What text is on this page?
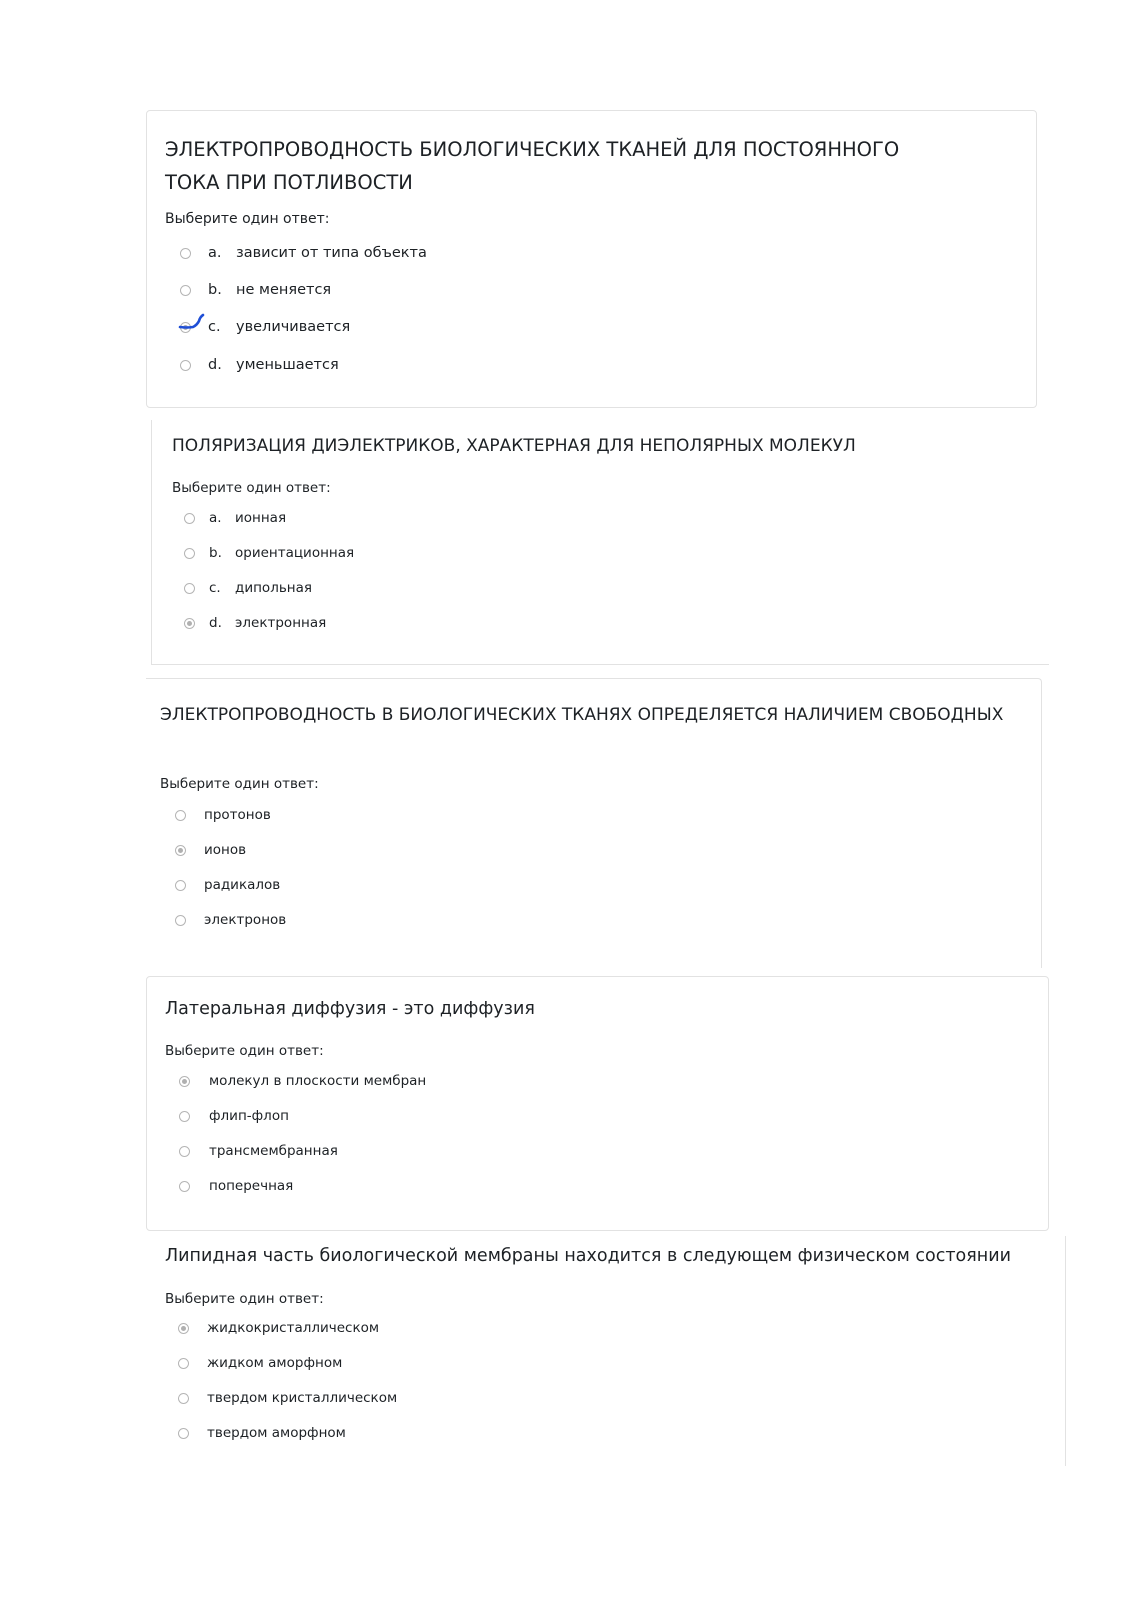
ЭЛЕКТРОПРОВОДНОСТЬ БИОЛОГИЧЕСКИХ ТКАНЕЙ ДЛЯ ПОСТОЯННОГО ТОКА ПРИ ПОТЛИВОСТИ
Выберите один ответ:
a. зависит от типа объекта
b. не меняется
c. увеличивается
d. уменьшается
ПОЛЯРИЗАЦИЯ ДИЭЛЕКТРИКОВ, ХАРАКТЕРНАЯ ДЛЯ НЕПОЛЯРНЫХ МОЛЕКУЛ
Выберите один ответ:
a. ионная
b. ориентационная
c. дипольная
d. электронная
ЭЛЕКТРОПРОВОДНОСТЬ В БИОЛОГИЧЕСКИХ ТКАНЯХ ОПРЕДЕЛЯЕТСЯ НАЛИЧИЕМ СВОБОДНЫХ
Выберите один ответ:
протонов
ионов
радикалов
электронов
Латеральная диффузия - это диффузия
Выберите один ответ:
молекул в плоскости мембран
флип-флоп
трансмембранная
поперечная
Липидная часть биологической мембраны находится в следующем физическом состоянии
Выберите один ответ:
жидкокристаллическом
жидком аморфном
твердом кристаллическом
твердом аморфном
